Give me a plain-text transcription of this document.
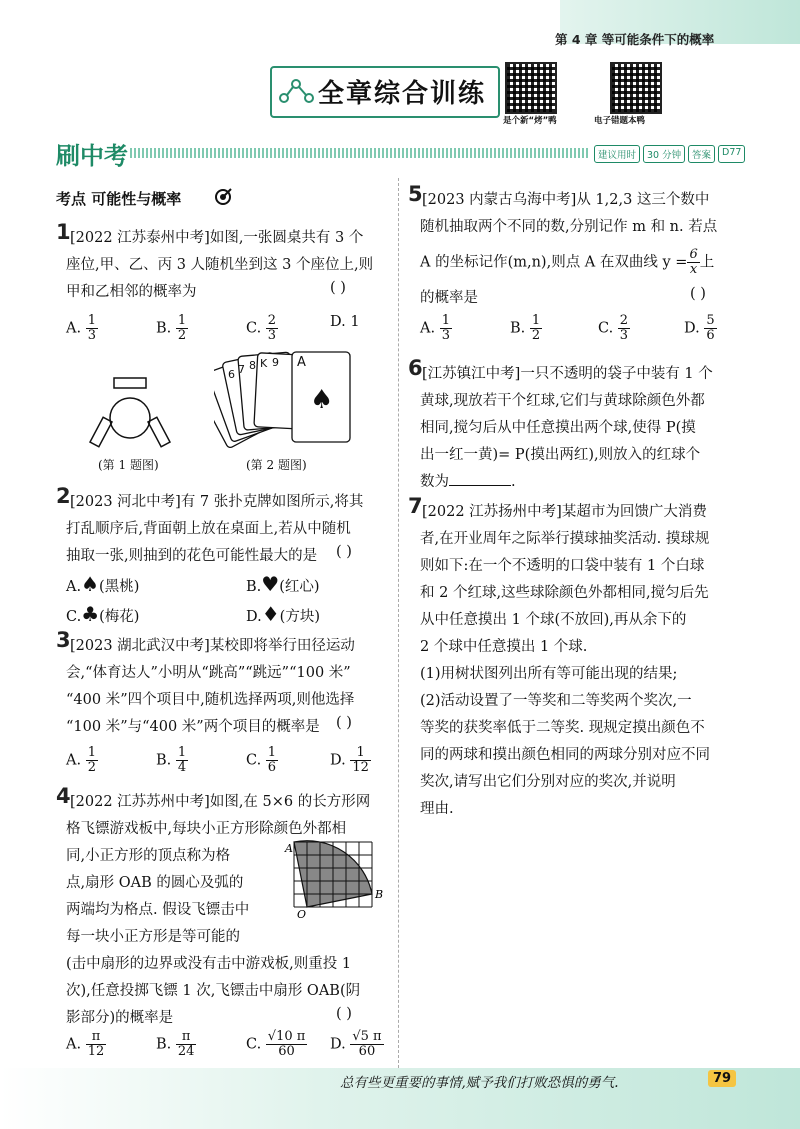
第 4 章 等可能条件下的概率
全章综合训练
是个新“烤”鸭	电子错题本鸭
刷中考	建议用时	30 分钟	答案	D77
考点 可能性与概率
1 [2022 江苏泰州中考]如图,一张圆桌共有 3 个
座位,甲、乙、丙 3 人随机坐到这 3 个座位上,则
甲和乙相邻的概率为	( )
A. $\frac{1}{3}$	B. $\frac{1}{2}$	C. $\frac{2}{3}$	D. 1
(第 1 题图)
6 7 8 K 9 A
♠
(第 2 题图)
2 [2023 河北中考]有 7 张扑克牌如图所示,将其
打乱顺序后,背面朝上放在桌面上,若从中随机
抽取一张,则抽到的花色可能性最大的是 ( )
A.♠(黑桃)	B.♥(红心)
C.♣(梅花)	D.♦(方块)
3 [2023 湖北武汉中考]某校即将举行田径运动
会,“体育达人”小明从“跳高”“跳远”“100 米”
“400 米”四个项目中,随机选择两项,则他选择
“100 米”与“400 米”两个项目的概率是 ( )
A. $\frac{1}{2}$	B. $\frac{1}{4}$	C. $\frac{1}{6}$	D. $\frac{1}{12}$
4 [2022 江苏苏州中考]如图,在 5×6 的长方形网
格飞镖游戏板中,每块小正方形除颜色外都相
同,小正方形的顶点称为格
点,扇形 OAB 的圆心及弧的
两端均为格点. 假设飞镖击中
每一块小正方形是等可能的
(击中扇形的边界或没有击中游戏板,则重投 1
次),任意投掷飞镖 1 次,飞镖击中扇形 OAB(阴
影部分)的概率是	( )
A
B
O
A. $\frac{\pi}{12}$	B. $\frac{\pi}{24}$	C. $\frac{√10 \pi}{60} D$. $\frac{√5 \pi}{60}$
5 [2023 内蒙古乌海中考]从 1,2,3 这三个数中
随机抽取两个不同的数,分别记作 m 和 n. 若点
A 的坐标记作(m,n),则点 A 在双曲线 $y = \frac{6}{x}$ 上
的概率是	( )
A. $\frac{1}{3}$	B. $\frac{1}{2}$	C. $\frac{2}{3}$	D. $\frac{5}{6}$
6 [江苏镇江中考]一只不透明的袋子中装有 1 个
黄球,现放若干个红球,它们与黄球除颜色外都
相同,搅匀后从中任意摸出两个球,使得 P(摸
出一红一黄)= P(摸出两红),则放入的红球个
数为	.
7 [2022 江苏扬州中考]某超市为回馈广大消费
者,在开业周年之际举行摸球抽奖活动. 摸球规
则如下:在一个不透明的口袋中装有 1 个白球
和 2 个红球,这些球除颜色外都相同,搅匀后先
从中任意摸出 1 个球(不放回),再从余下的
2 个球中任意摸出 1 个球.
(1)用树状图列出所有等可能出现的结果;
(2)活动设置了一等奖和二等奖两个奖次,一
等奖的获奖率低于二等奖. 现规定摸出颜色不
同的两球和摸出颜色相同的两球分别对应不同
奖次,请写出它们分别对应的奖次,并说明
理由.
总有些更重要的事情,赋予我们打败恐惧的勇气.	79
